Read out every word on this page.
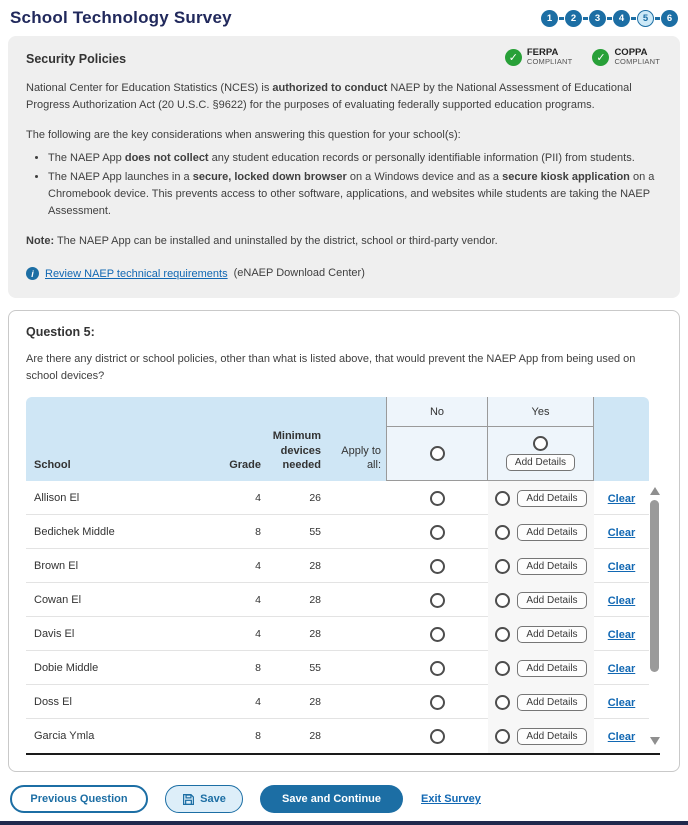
School Technology Survey	1	2	3	4	5	6
Security Policies	✓ FERPA
COMPLIANT	✓ COPPA
COMPLIANT

National Center for Education Statistics (NCES) is authorized to conduct NAEP by the National Assessment of Educational Progress Authorization Act (20 U.S.C. §9622) for the purposes of evaluating federally supported education programs.

The following are the key considerations when answering this question for your school(s):

• The NAEP App does not collect any student education records or personally identifiable information (PII) from students.
• The NAEP App launches in a secure, locked down browser on a Windows device and as a secure kiosk application on a Chromebook device. This prevents access to other software, applications, and websites while students are taking the NAEP Assessment.

Note: The NAEP App can be installed and uninstalled by the district, school or third-party vendor.

i	Review NAEP technical requirements (eNAEP Download Center)
Question 5:

Are there any district or school policies, other than what is listed above, that would prevent the NAEP App from being used on school devices?

School	Grade
Minimum devices needed
Apply to all:
No	Yes
Add Details
Allison El	4	26	Add Details	Clear
Bedichek Middle	8	55	Add Details	Clear
Brown El	4	28	Add Details	Clear
Cowan El	4	28	Add Details	Clear
Davis El	4	28	Add Details	Clear
Dobie Middle	8	55	Add Details	Clear
Doss El	4	28	Add Details	Clear
Garcia Ymla	8	28	Add Details	Clear
Previous Question	Save	Save and Continue	Exit Survey
